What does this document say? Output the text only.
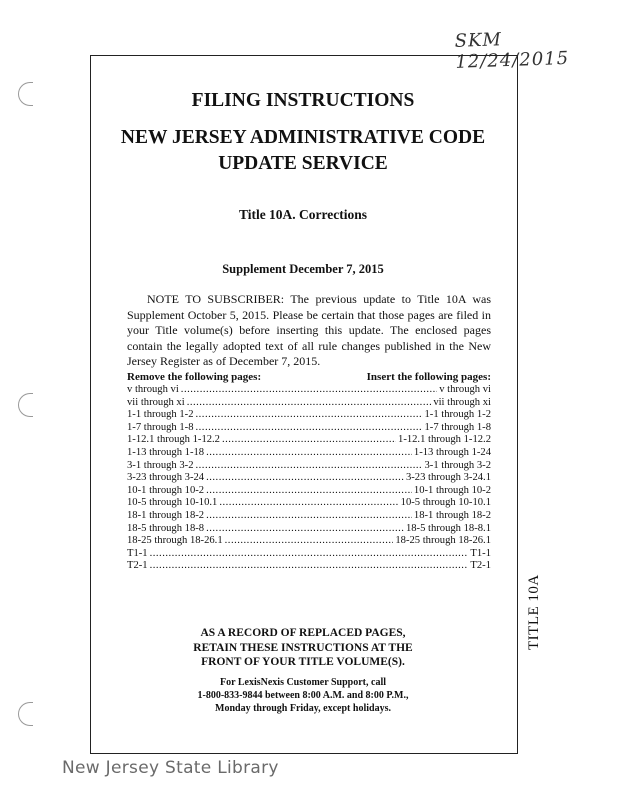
SKM 12/24/2015
TITLE 10A
FILING INSTRUCTIONS
NEW JERSEY ADMINISTRATIVE CODE
UPDATE SERVICE
Title 10A. Corrections
Supplement December 7, 2015
NOTE TO SUBSCRIBER: The previous update to Title 10A was Supplement October 5, 2015. Please be certain that those pages are filed in your Title volume(s) before inserting this update. The enclosed pages contain the legally adopted text of all rule changes published in the New Jersey Register as of December 7, 2015.
Remove the following pages:	Insert the following pages:
v through vi .....	v through vi
vii through xi .....	vii through xi
1-1 through 1-2 .....	1-1 through 1-2
1-7 through 1-8 .....	1-7 through 1-8
1-12.1 through 1-12.2 .....	1-12.1 through 1-12.2
1-13 through 1-18 .....	1-13 through 1-24
3-1 through 3-2 .....	3-1 through 3-2
3-23 through 3-24 .....	3-23 through 3-24.1
10-1 through 10-2 .....	10-1 through 10-2
10-5 through 10-10.1 .....	10-5 through 10-10.1
18-1 through 18-2 .....	18-1 through 18-2
18-5 through 18-8 .....	18-5 through 18-8.1
18-25 through 18-26.1 .....	18-25 through 18-26.1
T1-1 .....	T1-1
T2-1 .....	T2-1
AS A RECORD OF REPLACED PAGES,
RETAIN THESE INSTRUCTIONS AT THE
FRONT OF YOUR TITLE VOLUME(S).
For LexisNexis Customer Support, call
1-800-833-9844 between 8:00 A.M. and 8:00 P.M.,
Monday through Friday, except holidays.
New Jersey State Library
